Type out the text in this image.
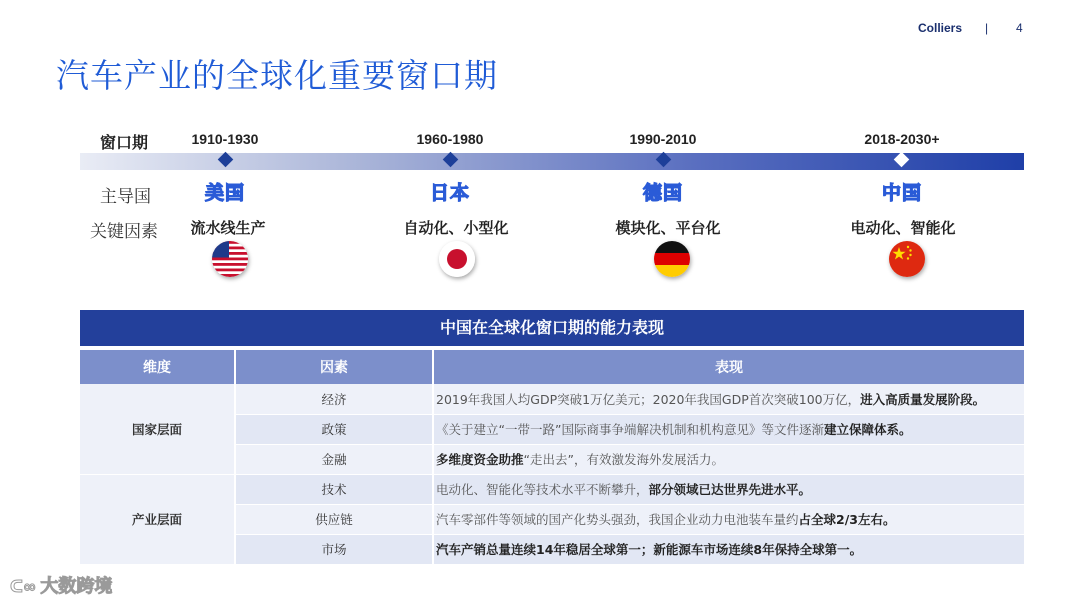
Colliers | 4
汽车产业的全球化重要窗口期
窗口期
主导国
关键因素
1910-1930	1960-1980	1990-2010	2018-2030+
美国	日本	德国	中国
流水线生产	自动化、小型化	模块化、平台化	电动化、智能化
中国在全球化窗口期的能力表现
维度	因素	表现
国家层面	经济	2019年我国人均GDP突破1万亿美元；2020年我国GDP首次突破100万亿，进入高质量发展阶段。
	政策	《关于建立“一带一路”国际商事争端解决机制和机构意见》等文件逐渐建立保障体系。
	金融	多维度资金助推“走出去”，有效激发海外发展活力。
产业层面	技术	电动化、智能化等技术水平不断攀升，部分领域已达世界先进水平。
	供应链	汽车零部件等领域的国产化势头强劲，我国企业动力电池装车量约占全球2/3左右。
	市场	汽车产销总量连续14年稳居全球第一；新能源车市场连续8年保持全球第一。
ᑕ∞ 大数跨境
